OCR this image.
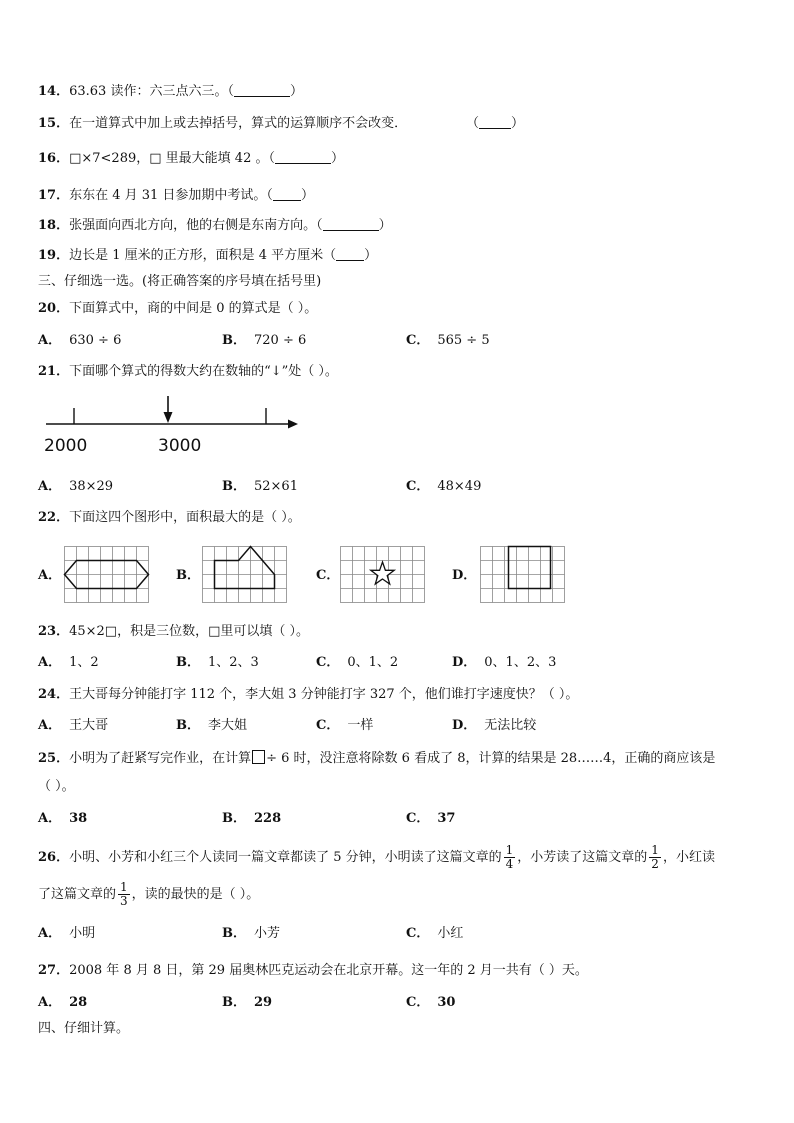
14．63.63 读作：六三点六三。（	）
15．在一道算式中加上或去掉括号，算式的运算顺序不会改变．	（ ）
16．□×7<289，□ 里最大能填 42 。（	）
17．东东在 4 月 31 日参加期中考试。（ ）
18．张强面向西北方向，他的右侧是东南方向。（	）
19．边长是 1 厘米的正方形，面积是 4 平方厘米（ ）
三、仔细选一选。(将正确答案的序号填在括号里)
20．下面算式中，商的中间是 0 的算式是（ ）。
A． 630 ÷ 6	B． 720 ÷ 6	C． 565 ÷ 5
21．下面哪个算式的得数大约在数轴的“↓”处（ ）。
2000	3000
A． 38×29	B． 52×61	C． 48×49
22．下面这四个图形中，面积最大的是（ ）。
A．	B．	C．	D．
23．45×2□，积是三位数，□里可以填（ ）。
A． 1、2	B． 1、2、3	C． 0、1、2	D． 0、1、2、3
24．王大哥每分钟能打字 112 个，李大姐 3 分钟能打字 327 个，他们谁打字速度快？（ ）。
A． 王大哥	B． 李大姐	C． 一样	D． 无法比较
25．小明为了赶紧写完作业，在计算 ÷ 6 时，没注意将除数 6 看成了 8，计算的结果是 28……4，正确的商应该是
（ ）。
A． 38	B． 228	C． 37
26．小明、小芳和小红三个人读同一篇文章都读了 5 分钟，小明读了这篇文章的 $\frac{1}{4}$ ，小芳读了这篇文章的 $\frac{1}{2}$ ，小红读
了这篇文章的 $\frac{1}{3}$ ，读的最快的是（ ）。
A． 小明	B． 小芳	C． 小红
27．2008 年 8 月 8 日，第 29 届奥林匹克运动会在北京开幕。这一年的 2 月一共有（ ）天。
A． 28	B． 29	C． 30
四、仔细计算。
